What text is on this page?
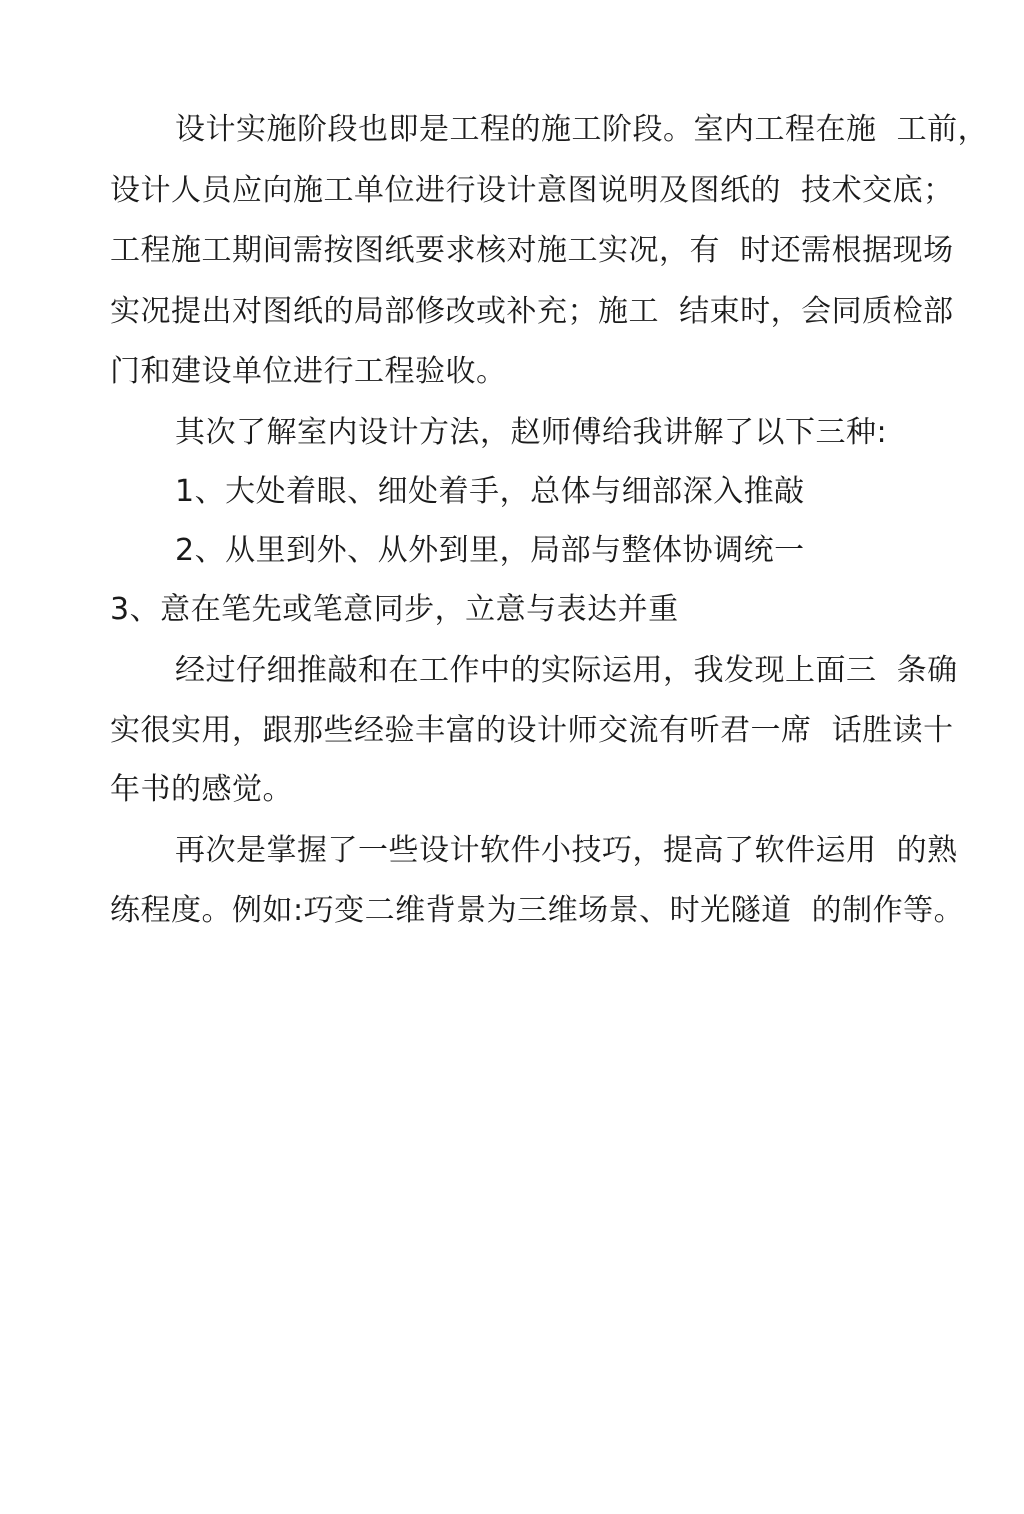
设计实施阶段也即是工程的施工阶段。室内工程在施  工前，
设计人员应向施工单位进行设计意图说明及图纸的  技术交底；
工程施工期间需按图纸要求核对施工实况，有  时还需根据现场
实况提出对图纸的局部修改或补充；施工  结束时，会同质检部
门和建设单位进行工程验收。
其次了解室内设计方法，赵师傅给我讲解了以下三种:
1、大处着眼、细处着手，总体与细部深入推敲
2、从里到外、从外到里，局部与整体协调统一
3、意在笔先或笔意同步，立意与表达并重
经过仔细推敲和在工作中的实际运用，我发现上面三  条确
实很实用，跟那些经验丰富的设计师交流有听君一席  话胜读十
年书的感觉。
再次是掌握了一些设计软件小技巧，提高了软件运用  的熟
练程度。例如:巧变二维背景为三维场景、时光隧道  的制作等。
